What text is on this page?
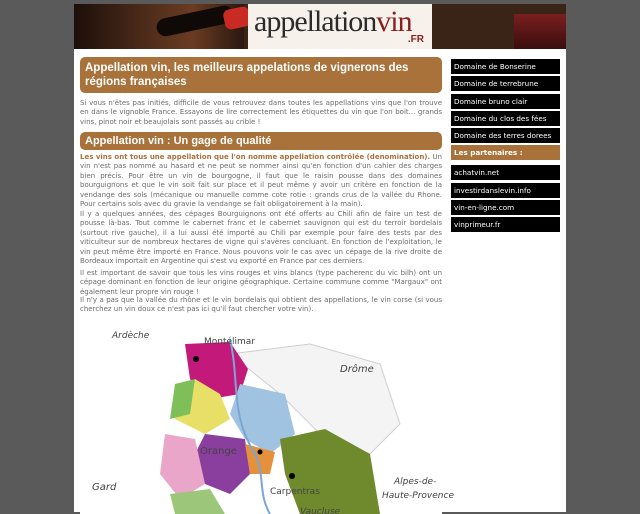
appellationvin
.FR
Appellation vin, les meilleurs appelations de vignerons des régions françaises
Si vous n'êtes pas initiés, difficile de vous retrouvez dans toutes les appellations vins que l'on trouve en dans le vignoble France. Essayons de lire correctement les étiquettes du vin que l'on boit... grands vins, pinot noir et beaujolais sont passés au crible !
Appellation vin : Un gage de qualité
Les vins ont tous une appellation que l'on nomme appellation contrôlée (denomination). Un vin n'est pas nommé au hasard et ne peut se nommer ainsi qu'en fonction d'un cahier des charges bien précis. Pour être un vin de bourgogne, il faut que le raisin pousse dans des domaines bourguignons et que le vin soit fait sur place et il peut même y avoir un critère en fonction de la vendange des sols (mécanique ou manuelle comme cote rotie : grands crus de la vallée du Rhone. Pour certains sols avec du gravie la vendange se fait obligatoirement à la main).
Il y a quelques années, des cépages Bourguignons ont été offerts au Chili afin de faire un test de pousse là-bas. Tout comme le cabernet franc et le cabernet sauvignon qui est du terroir bordelais (surtout rive gauche), il a lui aussi été importé au Chili par exemple pour faire des tests par des viticulteur sur de nombreux hectares de vigne qui s'avères concluant. En fonction de l'exploitation, le vin peut même être importé en France. Nous pouvons voir le cas avec un cépage de la rive droite de Bordeaux importait en Argentine qui s'est vu exporté en France par ces derniers.
Il est important de savoir que tous les vins rouges et vins blancs (type pacherenc du vic bilh) ont un cépage dominant en fonction de leur origine géographique. Certaine commune comme "Margaux" ont également leur propre vin rouge !
Il n'y a pas que la vallée du rhône et le vin bordelais qui obtient des appellations, le vin corse (si vous cherchez un vin doux ce n'est pas ici qu'il faut chercher votre vin).
Ardèche
Montélimar
Drôme
Orange
Gard	Carpentras
Alpes-de-
Haute-Provence
Vaucluse
Domaine de Bonserine
Domaine de terrebrune
Domaine bruno clair
Domaine du clos des fées
Domaine des terres dorees
Les partenaires :
achatvin.net
investirdanslevin.info
vin-en-ligne.com
vinprimeur.fr
